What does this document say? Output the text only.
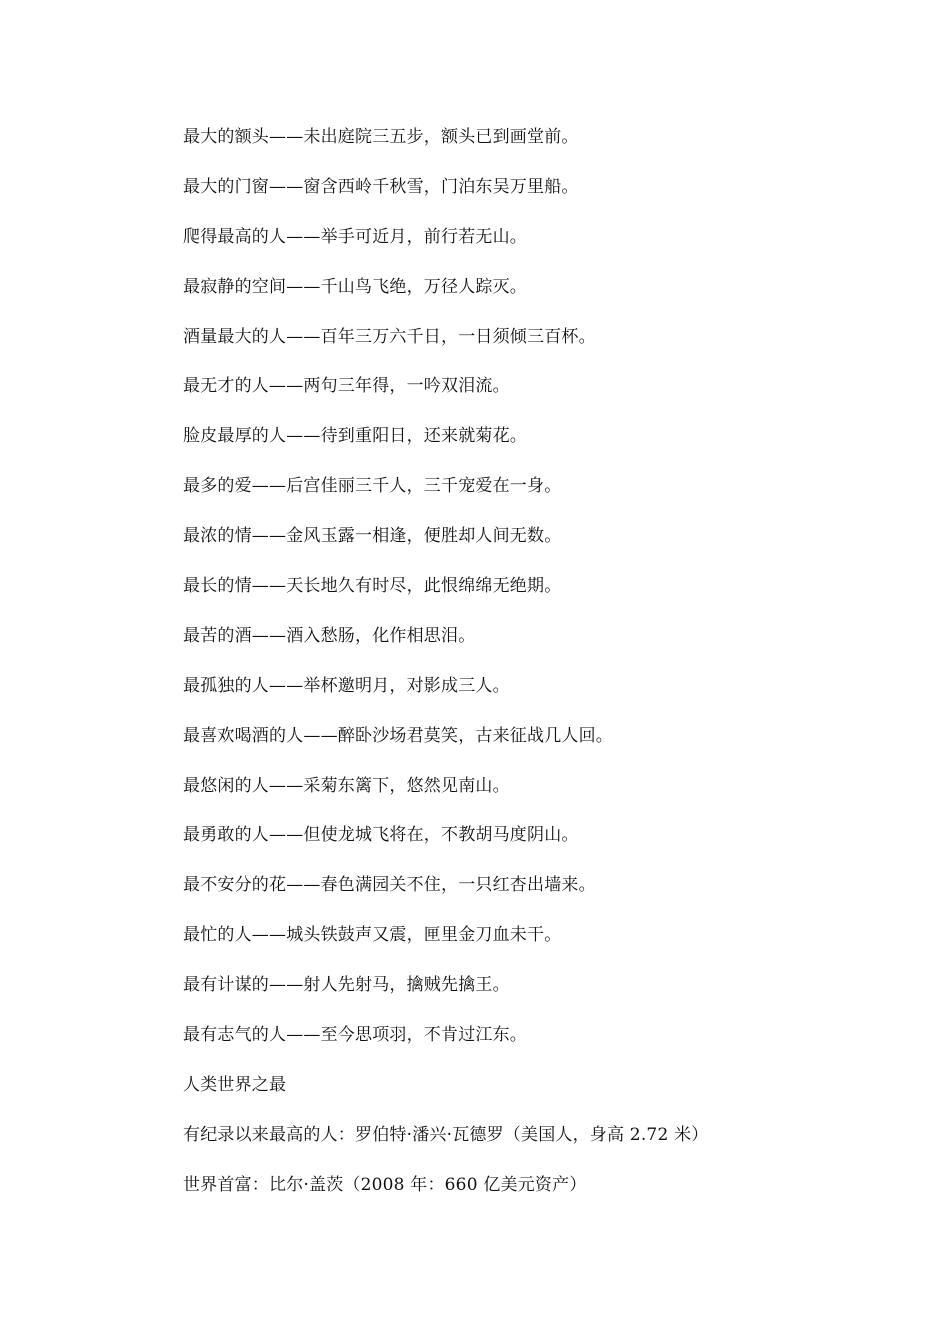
最大的额头——未出庭院三五步，额头已到画堂前。

最大的门窗——窗含西岭千秋雪，门泊东吴万里船。

爬得最高的人——举手可近月，前行若无山。

最寂静的空间——千山鸟飞绝，万径人踪灭。

酒量最大的人——百年三万六千日，一日须倾三百杯。

最无才的人——两句三年得，一吟双泪流。

脸皮最厚的人——待到重阳日，还来就菊花。

最多的爱——后宫佳丽三千人，三千宠爱在一身。

最浓的情——金风玉露一相逢，便胜却人间无数。

最长的情——天长地久有时尽，此恨绵绵无绝期。

最苦的酒——酒入愁肠，化作相思泪。

最孤独的人——举杯邀明月，对影成三人。

最喜欢喝酒的人——醉卧沙场君莫笑，古来征战几人回。

最悠闲的人——采菊东篱下，悠然见南山。

最勇敢的人——但使龙城飞将在，不教胡马度阴山。

最不安分的花——春色满园关不住，一只红杏出墙来。

最忙的人——城头铁鼓声又震，匣里金刀血未干。

最有计谋的——射人先射马，擒贼先擒王。

最有志气的人——至今思项羽，不肯过江东。

人类世界之最

有纪录以来最高的人：罗伯特·潘兴·瓦德罗（美国人，身高 2.72 米）

世界首富：比尔·盖茨（2008 年：660 亿美元资产）
